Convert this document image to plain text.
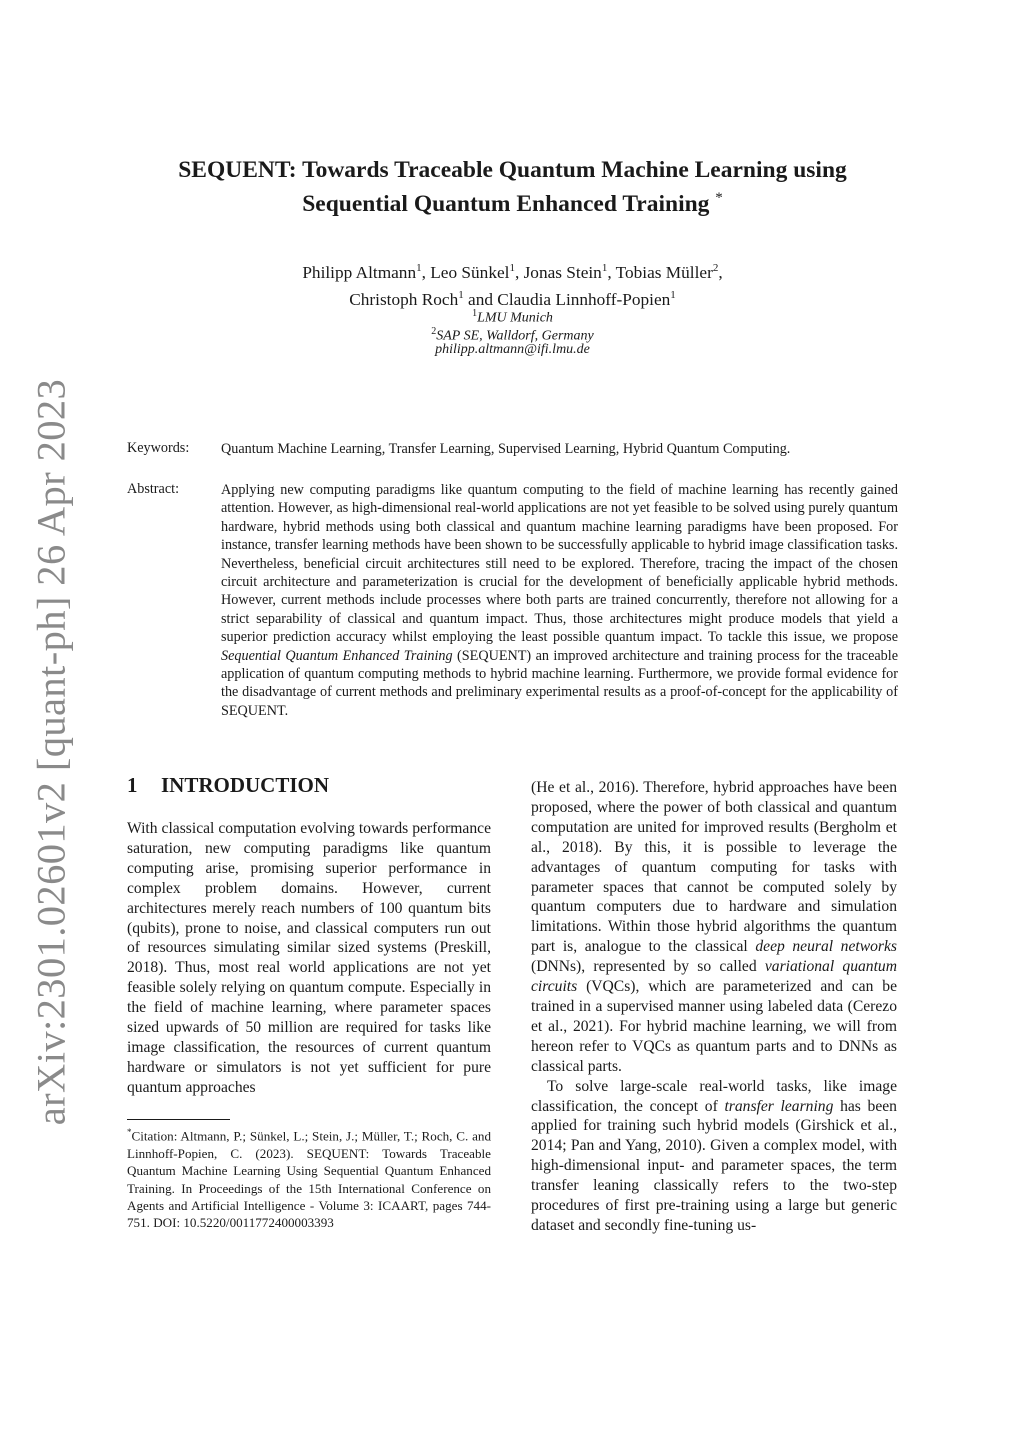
arXiv:2301.02601v2 [quant-ph] 26 Apr 2023
SEQUENT: Towards Traceable Quantum Machine Learning using
Sequential Quantum Enhanced Training *
Philipp Altmann$^1$, Leo Sünkel$^1$, Jonas Stein$^1$, Tobias Müller$^2$,
Christoph Roch$^1$ and Claudia Linnhoff-Popien$^1$
$^1$LMU Munich
$^2$SAP SE, Walldorf, Germany
philipp.altmann@ifi.lmu.de
Keywords: Quantum Machine Learning, Transfer Learning, Supervised Learning, Hybrid Quantum Computing.
Abstract:	Applying new computing paradigms like quantum computing to the field of machine learning has recently gained attention. However, as high-dimensional real-world applications are not yet feasible to be solved using purely quantum hardware, hybrid methods using both classical and quantum machine learning paradigms have been proposed. For instance, transfer learning methods have been shown to be successfully applicable to hybrid image classification tasks. Nevertheless, beneficial circuit architectures still need to be explored. Therefore, tracing the impact of the chosen circuit architecture and parameterization is crucial for the development of beneficially applicable hybrid methods. However, current methods include processes where both parts are trained concurrently, therefore not allowing for a strict separability of classical and quantum impact. Thus, those architectures might produce models that yield a superior prediction accuracy whilst employing the least possible quantum impact. To tackle this issue, we propose Sequential Quantum Enhanced Training (SEQUENT) an improved architecture and training process for the traceable application of quantum computing methods to hybrid machine learning. Furthermore, we provide formal evidence for the disadvantage of current methods and preliminary experimental results as a proof-of-concept for the applicability of SEQUENT.
1 INTRODUCTION
With classical computation evolving towards performance saturation, new computing paradigms like quantum computing arise, promising superior performance in complex problem domains. However, current architectures merely reach numbers of 100 quantum bits (qubits), prone to noise, and classical computers run out of resources simulating similar sized systems (Preskill, 2018). Thus, most real world applications are not yet feasible solely relying on quantum compute. Especially in the field of machine learning, where parameter spaces sized upwards of 50 million are required for tasks like image classification, the resources of current quantum hardware or simulators is not yet sufficient for pure quantum approaches

(He et al., 2016). Therefore, hybrid approaches have been proposed, where the power of both classical and quantum computation are united for improved results (Bergholm et al., 2018). By this, it is possible to leverage the advantages of quantum computing for tasks with parameter spaces that cannot be computed solely by quantum computers due to hardware and simulation limitations. Within those hybrid algorithms the quantum part is, analogue to the classical deep neural networks (DNNs), represented by so called variational quantum circuits (VQCs), which are parameterized and can be trained in a supervised manner using labeled data (Cerezo et al., 2021). For hybrid machine learning, we will from hereon refer to VQCs as quantum parts and to DNNs as classical parts.

To solve large-scale real-world tasks, like image classification, the concept of transfer learning has been applied for training such hybrid models (Girshick et al., 2014; Pan and Yang, 2010). Given a complex model, with high-dimensional input- and parameter spaces, the term transfer leaning classically refers to the two-step procedures of first pre-training using a large but generic dataset and secondly fine-tuning us-

*Citation: Altmann, P.; Sünkel, L.; Stein, J.; Müller, T.; Roch, C. and Linnhoff-Popien, C. (2023). SEQUENT: Towards Traceable Quantum Machine Learning Using Sequential Quantum Enhanced Training. In Proceedings of the 15th International Conference on Agents and Artificial Intelligence - Volume 3: ICAART, pages 744-751. DOI: 10.5220/0011772400003393
